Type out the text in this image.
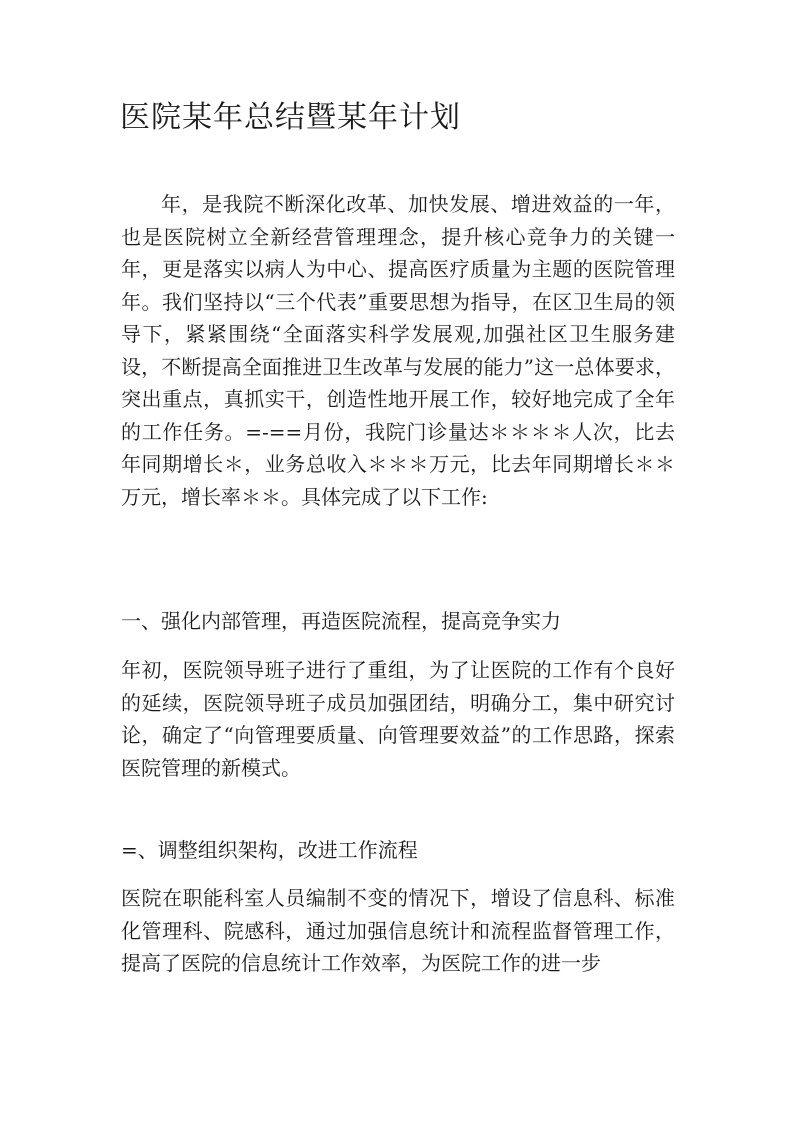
医院某年总结暨某年计划

年，是我院不断深化改革、加快发展、增进效益的一年，也是医院树立全新经营管理理念，提升核心竞争力的关键一年，更是落实以病人为中心、提高医疗质量为主题的医院管理年。我们坚持以“三个代表”重要思想为指导，在区卫生局的领导下，紧紧围绕“全面落实科学发展观,加强社区卫生服务建设，不断提高全面推进卫生改革与发展的能力”这一总体要求，突出重点，真抓实干，创造性地开展工作，较好地完成了全年的工作任务。=-==月份，我院门诊量达＊＊＊＊人次，比去年同期增长＊，业务总收入＊＊＊万元，比去年同期增长＊＊万元，增长率＊＊。具体完成了以下工作:

一、强化内部管理，再造医院流程，提高竞争实力

年初，医院领导班子进行了重组，为了让医院的工作有个良好的延续，医院领导班子成员加强团结，明确分工，集中研究讨论，确定了“向管理要质量、向管理要效益”的工作思路，探索医院管理的新模式。

=、调整组织架构，改进工作流程

医院在职能科室人员编制不变的情况下，增设了信息科、标准化管理科、院感科，通过加强信息统计和流程监督管理工作，提高了医院的信息统计工作效率，为医院工作的进一步
